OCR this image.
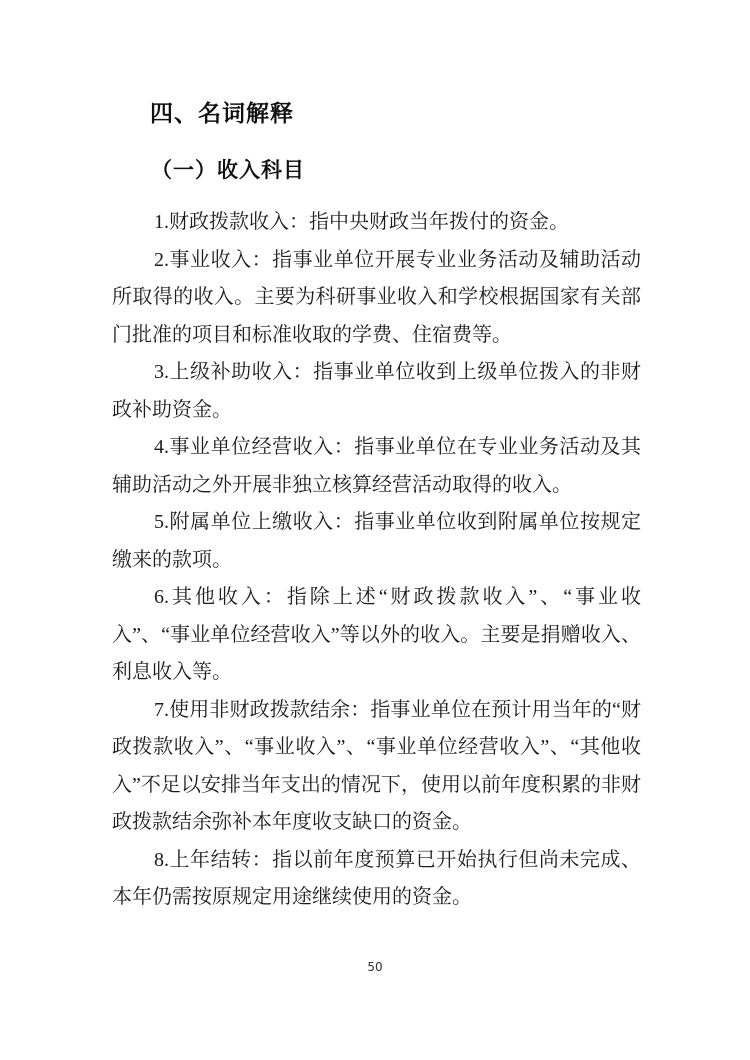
四、名词解释
（一）收入科目

1.财政拨款收入：指中央财政当年拨付的资金。

2.事业收入：指事业单位开展专业业务活动及辅助活动所取得的收入。主要为科研事业收入和学校根据国家有关部门批准的项目和标准收取的学费、住宿费等。

3.上级补助收入：指事业单位收到上级单位拨入的非财政补助资金。

4.事业单位经营收入：指事业单位在专业业务活动及其辅助活动之外开展非独立核算经营活动取得的收入。

5.附属单位上缴收入：指事业单位收到附属单位按规定缴来的款项。

6.其他收入：指除上述“财政拨款收入”、“事业收入”、“事业单位经营收入”等以外的收入。主要是捐赠收入、利息收入等。

7.使用非财政拨款结余：指事业单位在预计用当年的“财政拨款收入”、“事业收入”、“事业单位经营收入”、“其他收入”不足以安排当年支出的情况下，使用以前年度积累的非财政拨款结余弥补本年度收支缺口的资金。

8.上年结转：指以前年度预算已开始执行但尚未完成、本年仍需按原规定用途继续使用的资金。

50
